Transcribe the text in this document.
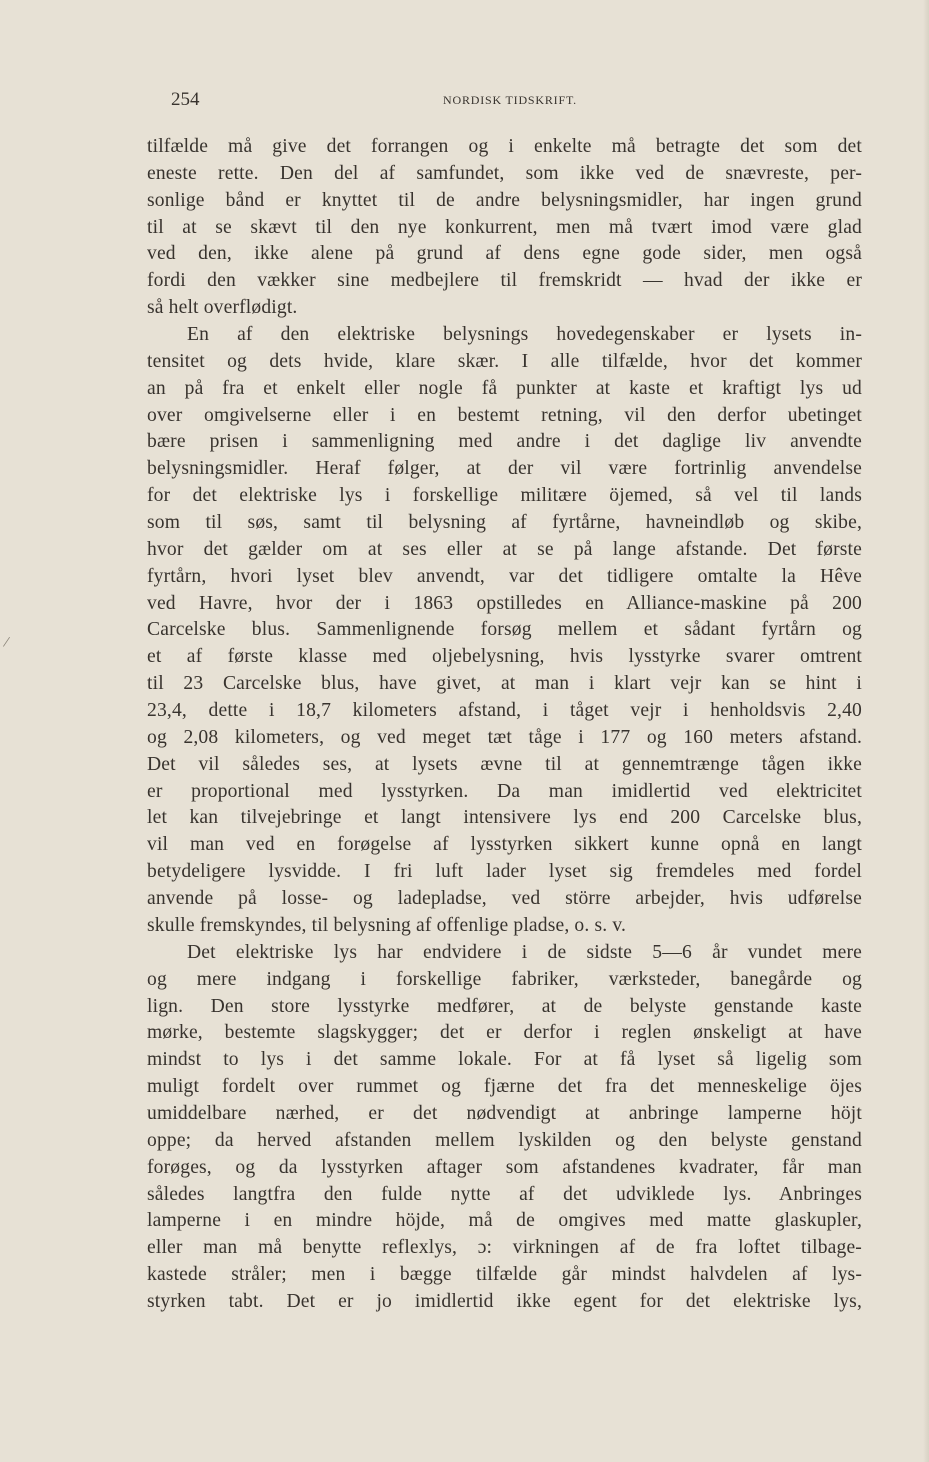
254	NORDISK TIDSKRIFT.
tilfælde må give det forrangen og i enkelte må betragte det som det
eneste rette. Den del af samfundet, som ikke ved de snævreste, per-
sonlige bånd er knyttet til de andre belysningsmidler, har ingen grund
til at se skævt til den nye konkurrent, men må tvært imod være glad
ved den, ikke alene på grund af dens egne gode sider, men også
fordi den vækker sine medbejlere til fremskridt — hvad der ikke er
så helt overflødigt.
En af den elektriske belysnings hovedegenskaber er lysets in-
tensitet og dets hvide, klare skær. I alle tilfælde, hvor det kommer
an på fra et enkelt eller nogle få punkter at kaste et kraftigt lys ud
over omgivelserne eller i en bestemt retning, vil den derfor ubetinget
bære prisen i sammenligning med andre i det daglige liv anvendte
belysningsmidler. Heraf følger, at der vil være fortrinlig anvendelse
for det elektriske lys i forskellige militære öjemed, så vel til lands
som til søs, samt til belysning af fyrtårne, havneindløb og skibe,
hvor det gælder om at ses eller at se på lange afstande. Det første
fyrtårn, hvori lyset blev anvendt, var det tidligere omtalte la Hêve
ved Havre, hvor der i 1863 opstilledes en Alliance-maskine på 200
Carcelske blus. Sammenlignende forsøg mellem et sådant fyrtårn og
et af første klasse med oljebelysning, hvis lysstyrke svarer omtrent
til 23 Carcelske blus, have givet, at man i klart vejr kan se hint i
23,4, dette i 18,7 kilometers afstand, i tåget vejr i henholdsvis 2,40
og 2,08 kilometers, og ved meget tæt tåge i 177 og 160 meters afstand.
Det vil således ses, at lysets ævne til at gennemtrænge tågen ikke
er proportional med lysstyrken. Da man imidlertid ved elektricitet
let kan tilvejebringe et langt intensivere lys end 200 Carcelske blus,
vil man ved en forøgelse af lysstyrken sikkert kunne opnå en langt
betydeligere lysvidde. I fri luft lader lyset sig fremdeles med fordel
anvende på losse- og ladepladse, ved större arbejder, hvis udførelse
skulle fremskyndes, til belysning af offenlige pladse, o. s. v.
Det elektriske lys har endvidere i de sidste 5—6 år vundet mere
og mere indgang i forskellige fabriker, værksteder, banegårde og
lign. Den store lysstyrke medfører, at de belyste genstande kaste
mørke, bestemte slagskygger; det er derfor i reglen ønskeligt at have
mindst to lys i det samme lokale. For at få lyset så ligelig som
muligt fordelt over rummet og fjærne det fra det menneskelige öjes
umiddelbare nærhed, er det nødvendigt at anbringe lamperne höjt
oppe; da herved afstanden mellem lyskilden og den belyste genstand
forøges, og da lysstyrken aftager som afstandenes kvadrater, får man
således langtfra den fulde nytte af det udviklede lys. Anbringes
lamperne i en mindre höjde, må de omgives med matte glaskupler,
eller man må benytte reflexlys, ɔ: virkningen af de fra loftet tilbage-
kastede stråler; men i bægge tilfælde går mindst halvdelen af lys-
styrken tabt. Det er jo imidlertid ikke egent for det elektriske lys,
/
